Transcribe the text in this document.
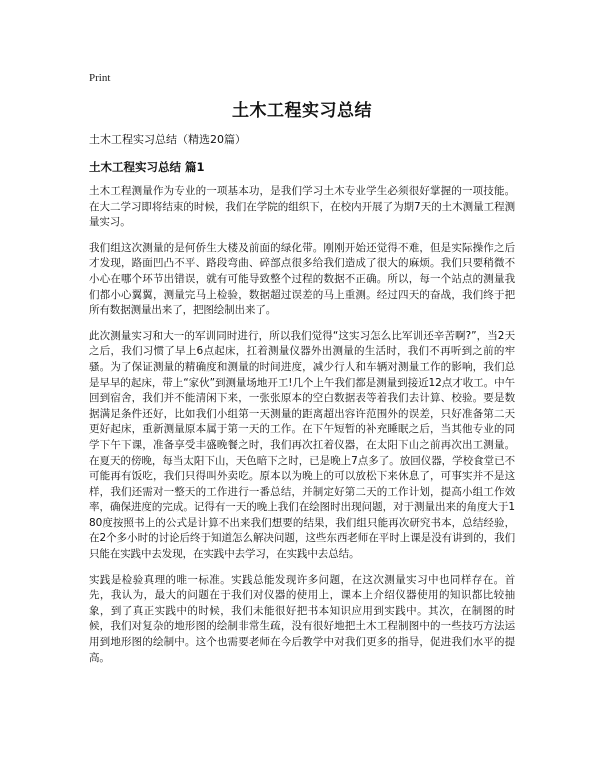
Print
土木工程实习总结
土木工程实习总结（精选20篇）
土木工程实习总结 篇1

土木工程测量作为专业的一项基本功，是我们学习土木专业学生必须很好掌握的一项技能。在大二学习即将结束的时候，我们在学院的组织下，在校内开展了为期7天的土木测量工程测量实习。

我们组这次测量的是何侨生大楼及前面的绿化带。刚刚开始还觉得不难，但是实际操作之后才发现，路面凹凸不平、路段弯曲、碎部点很多给我们造成了很大的麻烦。我们只要稍微不小心在哪个环节出错误，就有可能导致整个过程的数据不正确。所以，每一个站点的测量我们都小心翼翼，测量完马上检验，数据超过误差的马上重测。经过四天的奋战，我们终于把所有数据测量出来了，把图绘制出来了。

此次测量实习和大一的军训同时进行，所以我们觉得“这实习怎么比军训还辛苦啊?”，当2天之后，我们习惯了早上6点起床，扛着测量仪器外出测量的生活时，我们不再听到之前的牢骚。为了保证测量的精确度和测量的时间进度，减少行人和车辆对测量工作的影响，我们总是早早的起床，带上“家伙”到测量场地开工!几个上午我们都是测量到接近12点才收工。中午回到宿舍，我们并不能清闲下来，一张张原本的空白数据表等着我们去计算、校验。要是数据满足条件还好，比如我们小组第一天测量的距离超出容许范围外的误差，只好准备第二天更好起床，重新测量原本属于第一天的工作。在下午短暂的补充睡眠之后，当其他专业的同学下午下课，准备享受丰盛晚餐之时，我们再次扛着仪器，在太阳下山之前再次出工测量。在夏天的傍晚，每当太阳下山，天色暗下之时，已是晚上7点多了。放回仪器，学校食堂已不可能再有饭吃，我们只得叫外卖吃。原本以为晚上的可以放松下来休息了，可事实并不是这样，我们还需对一整天的工作进行一番总结，并制定好第二天的工作计划，提高小组工作效率，确保进度的完成。记得有一天的晚上我们在绘图时出现问题，对于测量出来的角度大于180度按照书上的公式是计算不出来我们想要的结果，我们组只能再次研究书本，总结经验，在2个多小时的讨论后终于知道怎么解决问题，这些东西老师在平时上课是没有讲到的，我们只能在实践中去发现，在实践中去学习，在实践中去总结。

实践是检验真理的唯一标准。实践总能发现许多问题，在这次测量实习中也同样存在。首先，我认为，最大的问题在于我们对仪器的使用上，课本上介绍仪器使用的知识都比较抽象，到了真正实践中的时候，我们未能很好把书本知识应用到实践中。其次，在制图的时候，我们对复杂的地形图的绘制非常生疏，没有很好地把土木工程制图中的一些技巧方法运用到地形图的绘制中。这个也需要老师在今后教学中对我们更多的指导，促进我们水平的提高。
